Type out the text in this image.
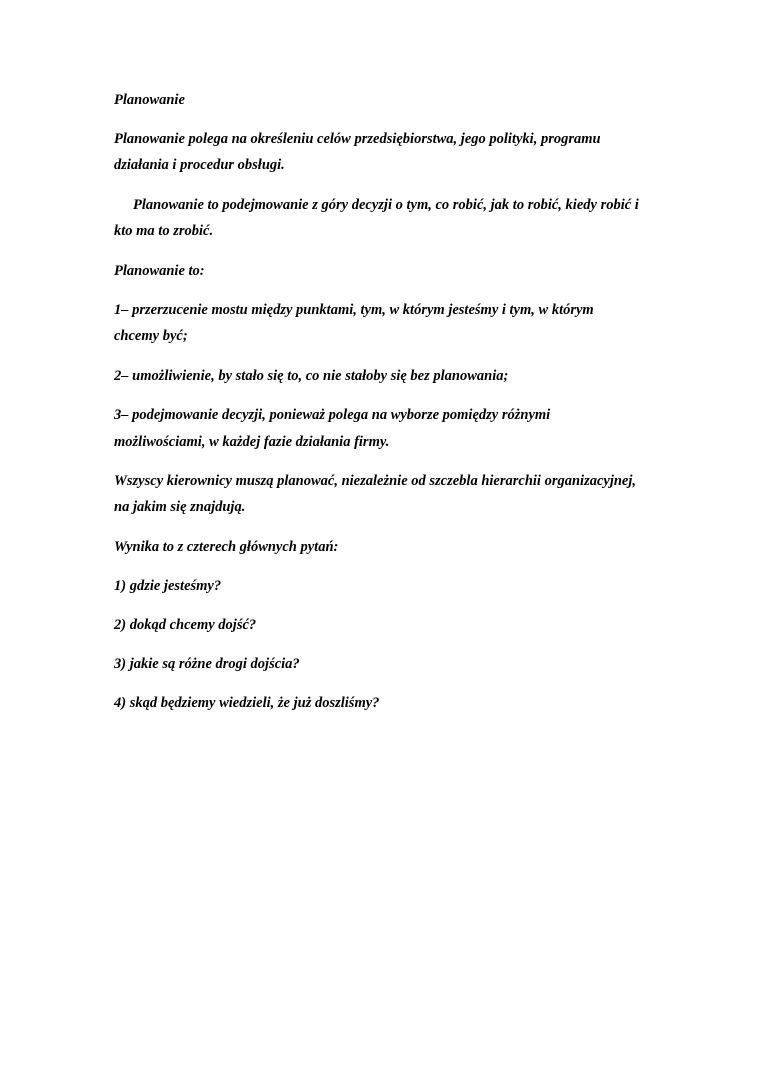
Planowanie
Planowanie polega na określeniu celów przedsiębiorstwa, jego polityki, programu
działania i procedur obsługi.
Planowanie to podejmowanie z góry decyzji o tym, co robić, jak to robić, kiedy robić i
kto ma to zrobić.
Planowanie to:
1– przerzucenie mostu między punktami, tym, w którym jesteśmy i tym, w którym
chcemy być;
2– umożliwienie, by stało się to, co nie stałoby się bez planowania;
3– podejmowanie decyzji, ponieważ polega na wyborze pomiędzy różnymi
możliwościami, w każdej fazie działania firmy.
Wszyscy kierownicy muszą planować, niezależnie od szczebla hierarchii organizacyjnej,
na jakim się znajdują.
Wynika to z czterech głównych pytań:
1) gdzie jesteśmy?
2) dokąd chcemy dojść?
3) jakie są różne drogi dojścia?
4) skąd będziemy wiedzieli, że już doszliśmy?
